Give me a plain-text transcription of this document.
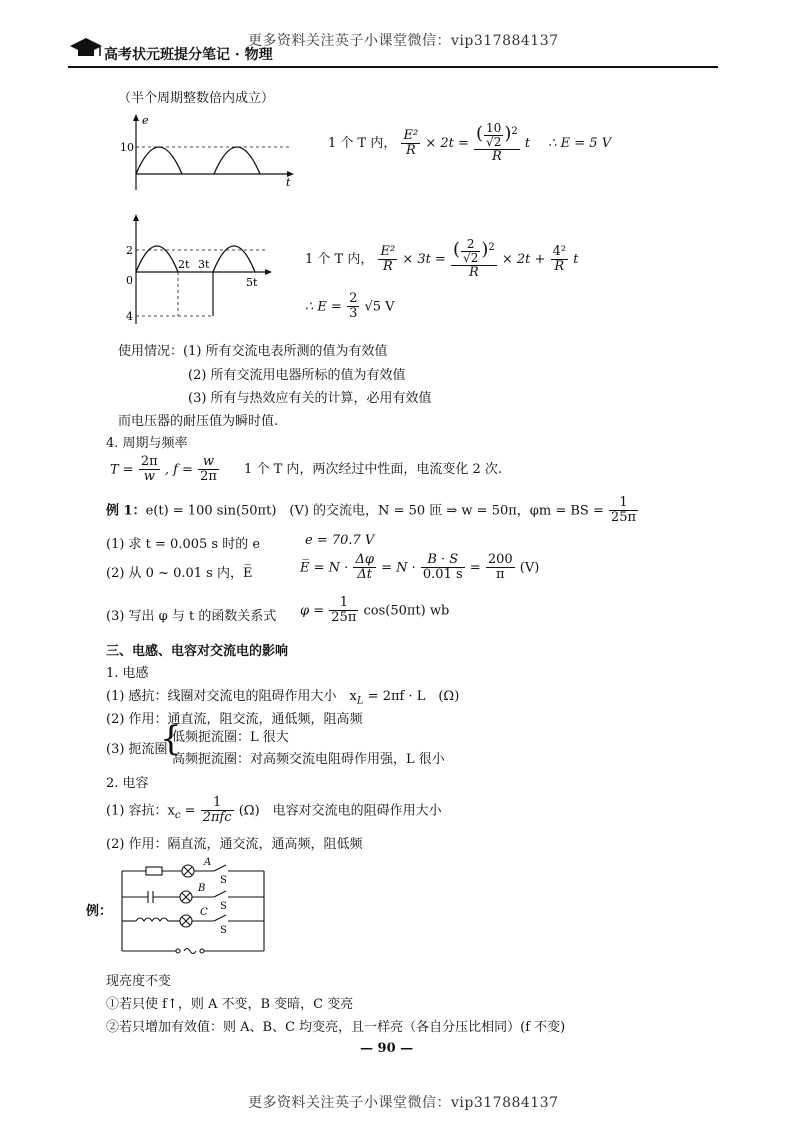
更多资料关注英子小课堂微信：vip317884137
更多资料关注英子小课堂微信：vip317884137
高考状元班提分笔记 · 物理
（半个周期整数倍内成立）
e
t
10	1 个 T 内， $\frac{\text{E²}}{R} \times 2t = \frac{( \frac{10}{√2} )^2}{R}$ t ∴ E = 5 V
2
0
4
2t 3t
5t
1 个 T 内， $\frac{\text{E²}}{R} \times 3t = \frac{( \frac{2}{√2} )^2}{R} \times 2t + \frac{\text{4²}}{R}$ t
∴ $E = \frac{2}{3} √5$ V
使用情况：(1) 所有交流电表所测的值为有效值
(2) 所有交流用电器所标的值为有效值
(3) 所有与热效应有关的计算，必用有效值
而电压器的耐压值为瞬时值.
4. 周期与频率
$T = \frac{2\pi}{w}$ , $f = \frac{w}{2\pi} 1$ 个 T 内，两次经过中性面，电流变化 2 次.
例 1：e(t) = 100 sin(50πt)　(V) 的交流电，N = 50 匝 ⇒ w = 50π，φm = BS = $\frac{1}{25\pi}$
(1) 求 t = 0.005 s 时的 e	e = 70.7 V
(2) 从 0 ~ 0.01 s 内，E̅	E̅ = $N \cdot \frac{\Delta\varphi}{\Delta t} = N \cdot \frac{B \cdot S}{0.01 s} = \frac{200}{\pi} (V)$
(3) 写出 φ 与 t 的函数关系式 $\varphi = \frac{1}{25\pi} \cos(50\pi t)$ wb
三、电感、电容对交流电的影响
1. 电感
(1) 感抗：线圈对交流电的阻碍作用大小　$x_L = 2\pi f \cdot L$　(Ω)
(2) 作用：通直流，阻交流，通低频，阻高频
(3) 扼流圈
{
低频扼流圈：L 很大
高频扼流圈：对高频交流电阻碍作用强，L 很小
2. 电容
(1) 容抗：$x_c = \frac{1}{\text{2πfc}} (\Omega)$　电容对交流电的阻碍作用大小
(2) 作用：隔直流，通交流，通高频，阻低频
例：
A
B
C
S
S
S
现亮度不变
①若只使 f↑，则 A 不变，B 变暗，C 变亮
②若只增加有效值：则 A、B、C 均变亮，且一样亮（各自分压比相同）(f 不变)
— 90 —
